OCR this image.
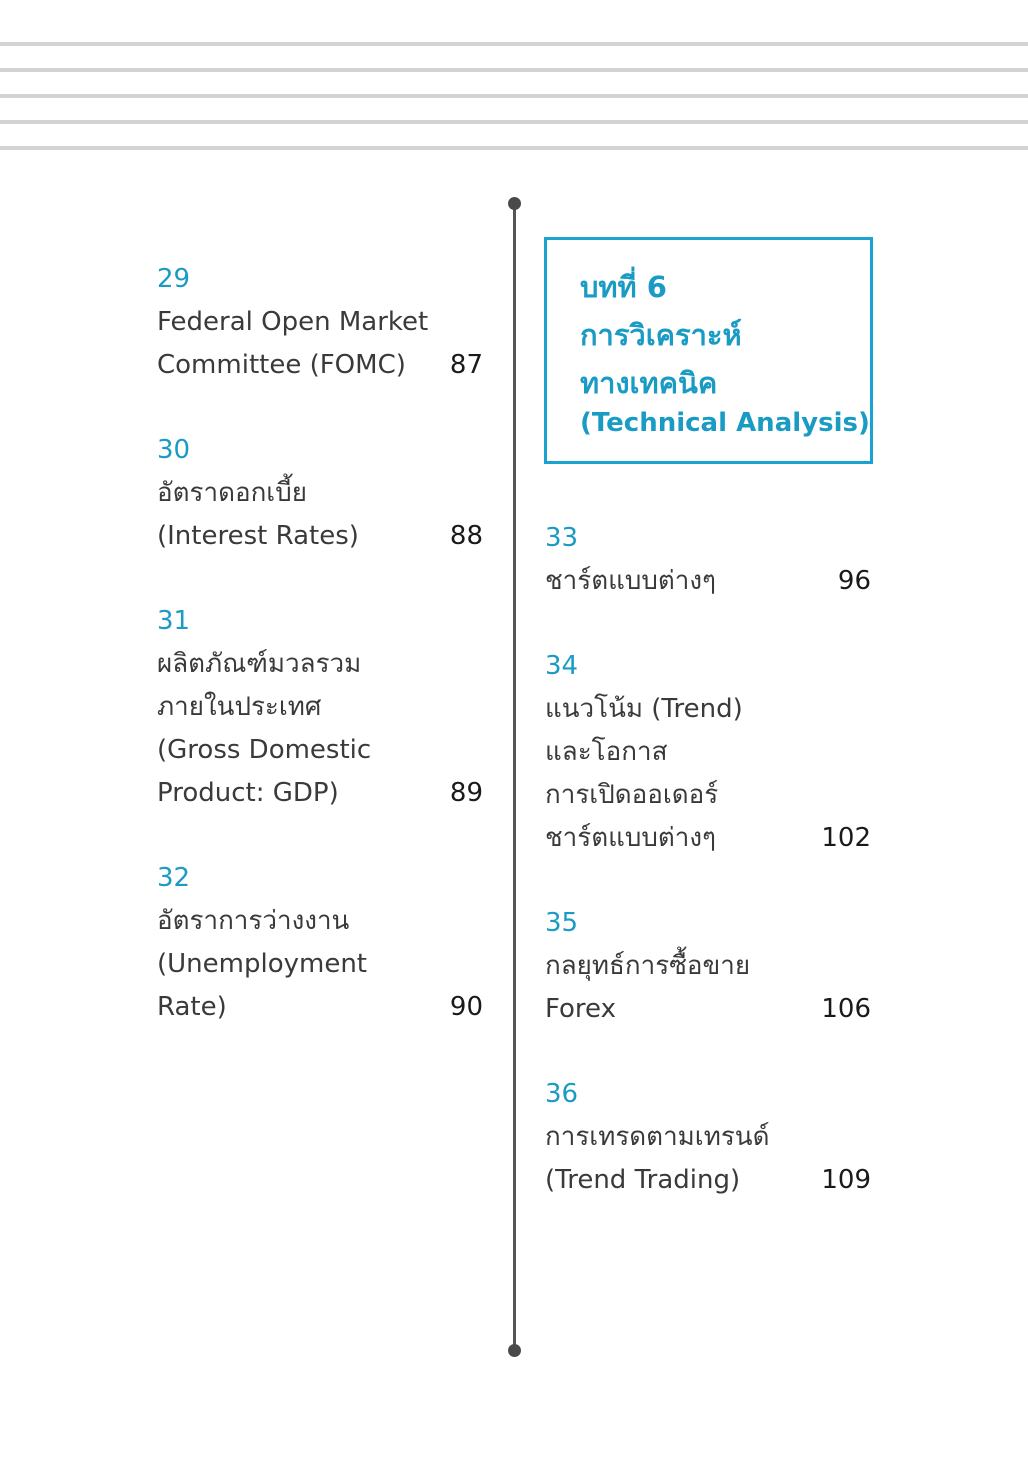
29
Federal Open Market
Committee (FOMC) 87
30
อัตราดอกเบี้ย
(Interest Rates)	88
31
ผลิตภัณฑ์มวลรวม
ภายในประเทศ
(Gross Domestic
Product: GDP)	89
32
อัตราการว่างงาน
(Unemployment
Rate)	90
บทที่ 6
การวิเคราะห์
ทางเทคนิค
(Technical Analysis)
33
ชาร์ตแบบต่างๆ	96
34
แนวโน้ม (Trend)
และโอกาส
การเปิดออเดอร์
ชาร์ตแบบต่างๆ	102
35
กลยุทธ์การซื้อขาย
Forex	106
36
การเทรดตามเทรนด์
(Trend Trading)	109
